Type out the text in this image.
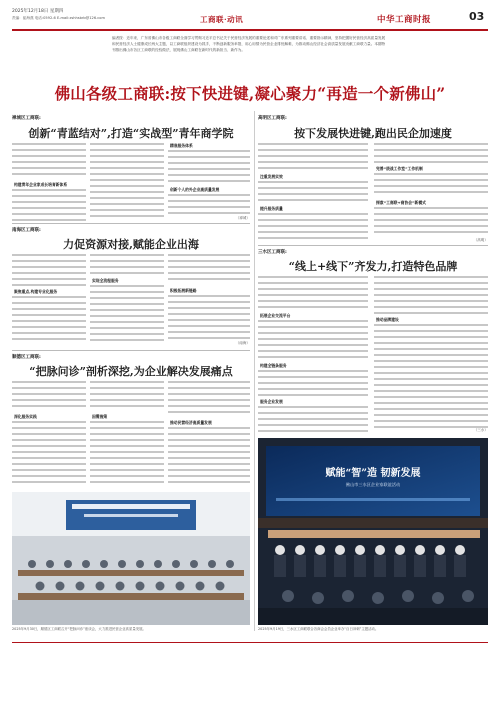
2025年12月18日 星期四
责编：崔海燕 电话:0592-6 E-mail:zshhsbrb@126.com	工商联·动讯	中华工商时报	03
编者按：近年来，广东省佛山市各级工商联全面学习贯彻习近平总书记关于民营经济发展的重要论述和对广东系列重要讲话、重要指示精神，坚持把握好民营经济高质量发展和民营经济人士健康成长两大主题，以工商联组织建设为抓手，不断创新服务举措，用心用情为民营企业排忧解难，为推动佛山经济社会高质量发展贡献工商联力量。本期特刊推出佛山市各区工商联的经验做法，展现佛山工商联在新时代的新担当、新作为。
佛山各级工商联:按下快进键,凝心聚力“再造一个新佛山”
禅城区工商联:
创新“青蓝结对”,打造“实战型”青年商学院
构建青年企业家成长培育新体系
精准服务体系
创新个人的外企业高质量发展
（禅城）
南海区工商联:
力促资源对接,赋能企业出海
聚焦重点,构建专业化服务
实现全流程服务
积极拓展新链路
（南海）
顺德区工商联:
“把脉问诊”剖析深挖,为企业解决发展痛点
深化服务实践	因需施策
推动民营经济高质量发展
2025年9月30日，顺德区工商联召开“把脉问诊”座谈会，大力推进民营企业高质量发展。
高明区工商联:
按下发展快进键,跑出民企加速度
注重发展实效
提升服务质量
完善“统战工作室”工作机制
探索“工商联+商协会”新模式
（高明）
三水区工商联:
“线上+线下”齐发力,打造特色品牌
拓展企业交流平台
构建全链条服务
服务企业发展
推动品牌建设
（三水）
赋能“智”造 韧新发展
佛山市三水区企业家联谊活动
2025年9月19日，三水区工商联联合各商会会员企业举办“百日冲刺”主题活动。
